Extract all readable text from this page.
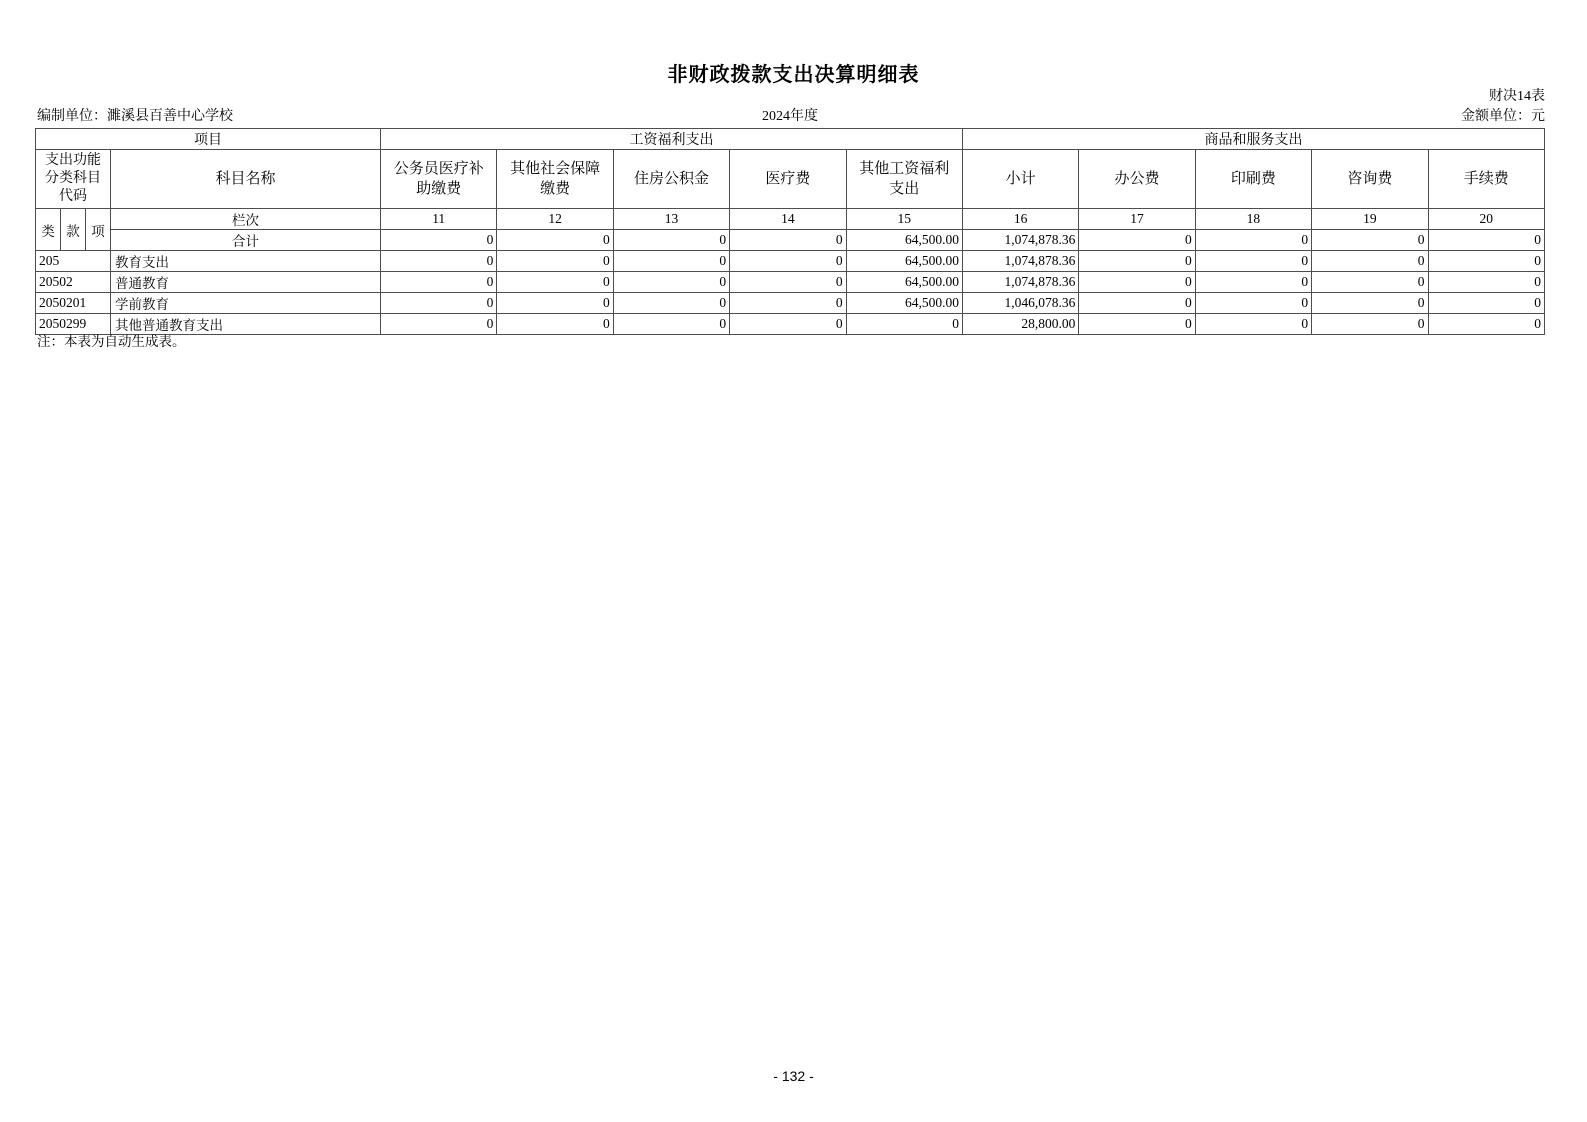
非财政拨款支出决算明细表
财决14表
编制单位：濉溪县百善中心学校	2024年度	金额单位：元
项目				工资福利支出					商品和服务支出				
支出功能分类科目代码			科目名称	公务员医疗补助缴费	其他社会保障缴费	住房公积金	医疗费	其他工资福利支出	小计	办公费	印刷费	咨询费	手续费
类	款	项	栏次	11	12	13	14	15	16	17	18	19	20
			合计	0	0	0	0	64,500.00	1,074,878.36	0	0	0	0
205			教育支出	0	0	0	0	64,500.00	1,074,878.36	0	0	0	0
20502			普通教育	0	0	0	0	64,500.00	1,074,878.36	0	0	0	0
2050201			学前教育	0	0	0	0	64,500.00	1,046,078.36	0	0	0	0
2050299			其他普通教育支出	0	0	0	0	0	28,800.00	0	0	0	0
注：本表为自动生成表。
- 132 -
